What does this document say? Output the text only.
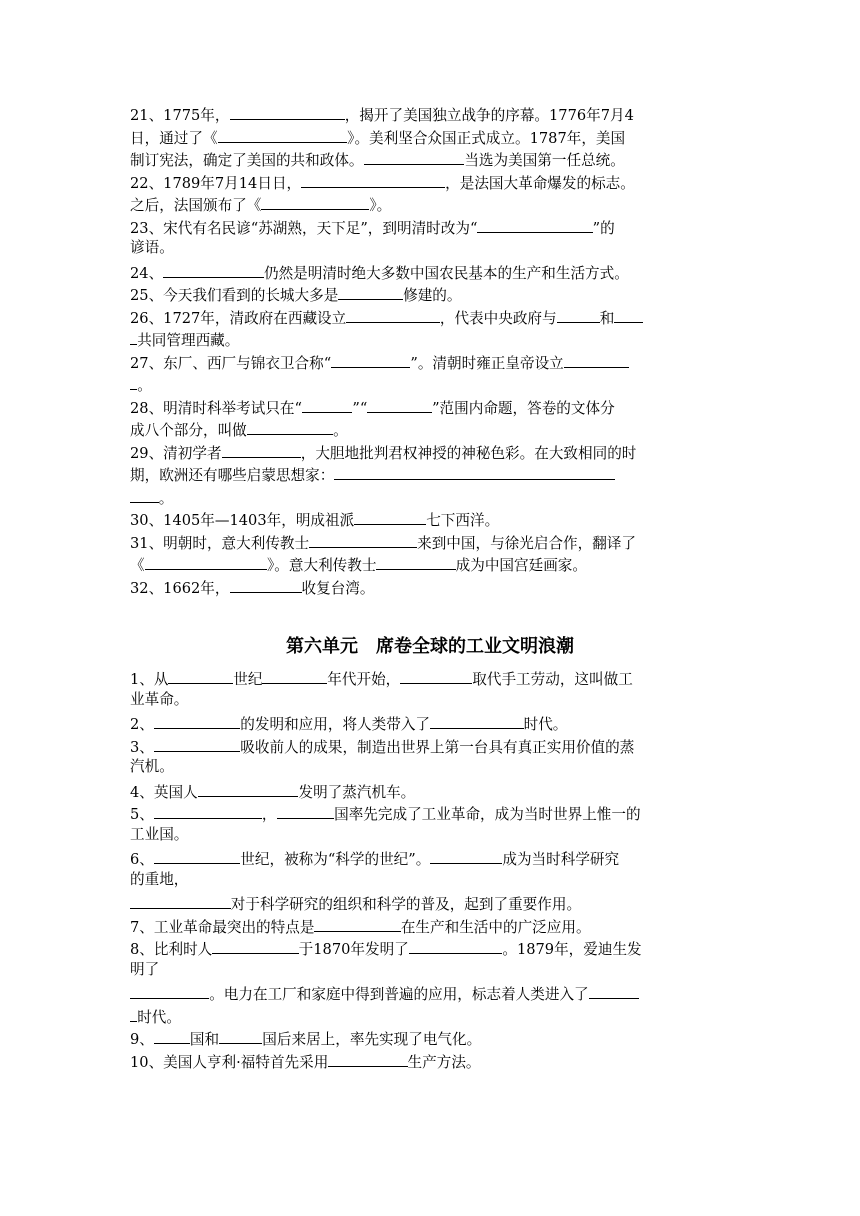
21、1775年，	，揭开了美国独立战争的序幕。1776年7月4
日，通过了《	》。美利坚合众国正式成立。1787年，美国
制订宪法，确定了美国的共和政体。	当选为美国第一任总统。
22、1789年7月14日日，	，是法国大革命爆发的标志。
之后，法国颁布了《	》。
23、宋代有名民谚“苏湖熟，天下足”，到明清时改为“	”的
谚语。
24、	仍然是明清时绝大多数中国农民基本的生产和生活方式。
25、今天我们看到的长城大多是	修建的。
26、1727年，清政府在西藏设立	，代表中央政府与	和
共同管理西藏。
27、东厂、西厂与锦衣卫合称“	”。清朝时雍正皇帝设立
。
28、明清时科举考试只在“	”“	”范围内命题，答卷的文体分
成八个部分，叫做	。
29、清初学者	，大胆地批判君权神授的神秘色彩。在大致相同的时
期，欧洲还有哪些启蒙思想家：
。
30、1405年—1403年，明成祖派	七下西洋。
31、明朝时，意大利传教士	来到中国，与徐光启合作，翻译了
《	》。意大利传教士	成为中国宫廷画家。
32、1662年，	收复台湾。
第六单元　席卷全球的工业文明浪潮
1、从	世纪	年代开始，	取代手工劳动，这叫做工
业革命。
2、	的发明和应用，将人类带入了	时代。
3、	吸收前人的成果，制造出世界上第一台具有真正实用价值的蒸
汽机。
4、英国人	发明了蒸汽机车。
5、	，	国率先完成了工业革命，成为当时世界上惟一的
工业国。
6、	世纪，被称为“科学的世纪”。	成为当时科学研究
的重地，
对于科学研究的组织和科学的普及，起到了重要作用。
7、工业革命最突出的特点是	在生产和生活中的广泛应用。
8、比利时人	于1870年发明了	。1879年，爱迪生发
明了
。电力在工厂和家庭中得到普遍的应用，标志着人类进入了
时代。
9、 国和	国后来居上，率先实现了电气化。
10、美国人亨利·福特首先采用	生产方法。
